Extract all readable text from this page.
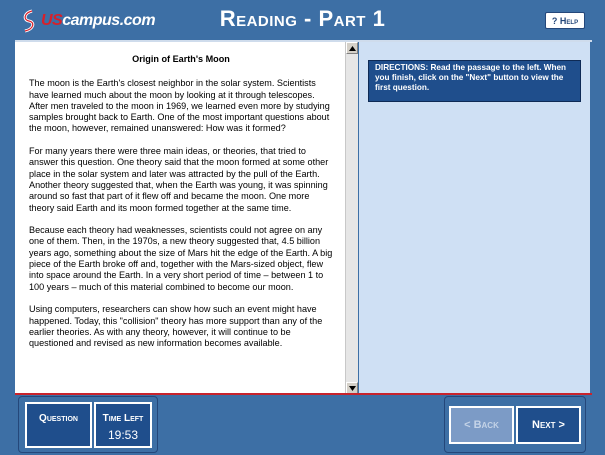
UScampus.com	Reading - Part 1	? Help
Origin of Earth's Moon

The moon is the Earth's closest neighbor in the solar system. Scientists have learned much about the moon by looking at it through telescopes. After men traveled to the moon in 1969, we learned even more by studying samples brought back to Earth. One of the most important questions about the moon, however, remained unanswered: How was it formed?

For many years there were three main ideas, or theories, that tried to answer this question. One theory said that the moon formed at some other place in the solar system and later was attracted by the pull of the Earth. Another theory suggested that, when the Earth was young, it was spinning around so fast that part of it flew off and became the moon. One more theory said Earth and its moon formed together at the same time.

Because each theory had weaknesses, scientists could not agree on any one of them. Then, in the 1970s, a new theory suggested that, 4.5 billion years ago, something about the size of Mars hit the edge of the Earth. A big piece of the Earth broke off and, together with the Mars-sized object, flew into space around the Earth. In a very short period of time – between 1 to 100 years – much of this material combined to become our moon.

Using computers, researchers can show how such an event might have happened. Today, this "collision" theory has more support than any of the earlier theories. As with any theory, however, it will continue to be questioned and revised as new information becomes available.

DIRECTIONS: Read the passage to the left. When you finish, click on the "Next" button to view the first question.
Question	Time Left
19:53
< Back	Next >
